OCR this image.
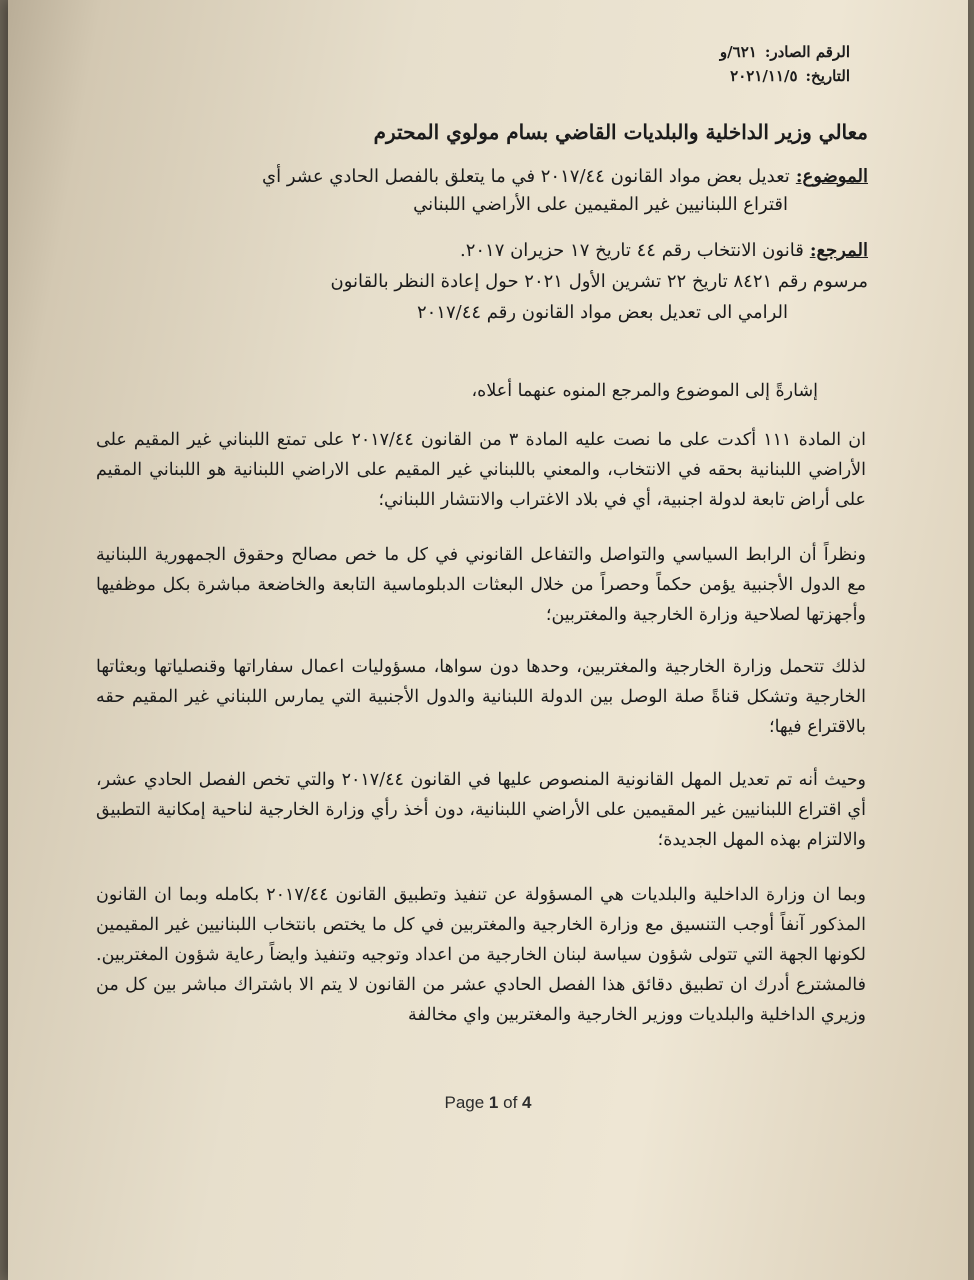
الرقم الصادر:٦٢١/و
التاريخ:٢٠٢١/١١/٥
معالي وزير الداخلية والبلديات القاضي بسام مولوي المحترم
الموضوع:تعديل بعض مواد القانون ٢٠١٧/٤٤ في ما يتعلق بالفصل الحادي عشر أي
اقتراع اللبنانيين غير المقيمين على الأراضي اللبناني
المرجع:قانون الانتخاب رقم ٤٤ تاريخ ١٧ حزيران ٢٠١٧.
مرسوم رقم ٨٤٢١ تاريخ ٢٢ تشرين الأول ٢٠٢١ حول إعادة النظر بالقانون
الرامي الى تعديل بعض مواد القانون رقم ٢٠١٧/٤٤
إشارةً إلى الموضوع والمرجع المنوه عنهما أعلاه،
ان المادة ١١١ أكدت على ما نصت عليه المادة ٣ من القانون ٢٠١٧/٤٤ على تمتع اللبناني غير المقيم على الأراضي اللبنانية بحقه في الانتخاب، والمعني باللبناني غير المقيم على الاراضي اللبنانية هو اللبناني المقيم على أراض تابعة لدولة اجنبية، أي في بلاد الاغتراب والانتشار اللبناني؛
ونظراً أن الرابط السياسي والتواصل والتفاعل القانوني في كل ما خص مصالح وحقوق الجمهورية اللبنانية مع الدول الأجنبية يؤمن حكماً وحصراً من خلال البعثات الدبلوماسية التابعة والخاضعة مباشرة بكل موظفيها وأجهزتها لصلاحية وزارة الخارجية والمغتربين؛
لذلك تتحمل وزارة الخارجية والمغتربين، وحدها دون سواها، مسؤوليات اعمال سفاراتها وقنصلياتها وبعثاتها الخارجية وتشكل قناةً صلة الوصل بين الدولة اللبنانية والدول الأجنبية التي يمارس اللبناني غير المقيم حقه بالاقتراع فيها؛
وحيث أنه تم تعديل المهل القانونية المنصوص عليها في القانون ٢٠١٧/٤٤ والتي تخص الفصل الحادي عشر، أي اقتراع اللبنانيين غير المقيمين على الأراضي اللبنانية، دون أخذ رأي وزارة الخارجية لناحية إمكانية التطبيق والالتزام بهذه المهل الجديدة؛
وبما ان وزارة الداخلية والبلديات هي المسؤولة عن تنفيذ وتطبيق القانون ٢٠١٧/٤٤ بكامله وبما ان القانون المذكور آنفاً أوجب التنسيق مع وزارة الخارجية والمغتربين في كل ما يختص بانتخاب اللبنانيين غير المقيمين لكونها الجهة التي تتولى شؤون سياسة لبنان الخارجية من اعداد وتوجيه وتنفيذ وايضاً رعاية شؤون المغتربين. فالمشترع أدرك ان تطبيق دقائق هذا الفصل الحادي عشر من القانون لا يتم الا باشتراك مباشر بين كل من وزيري الداخلية والبلديات ووزير الخارجية والمغتربين واي مخالفة
Page 1 of 4
